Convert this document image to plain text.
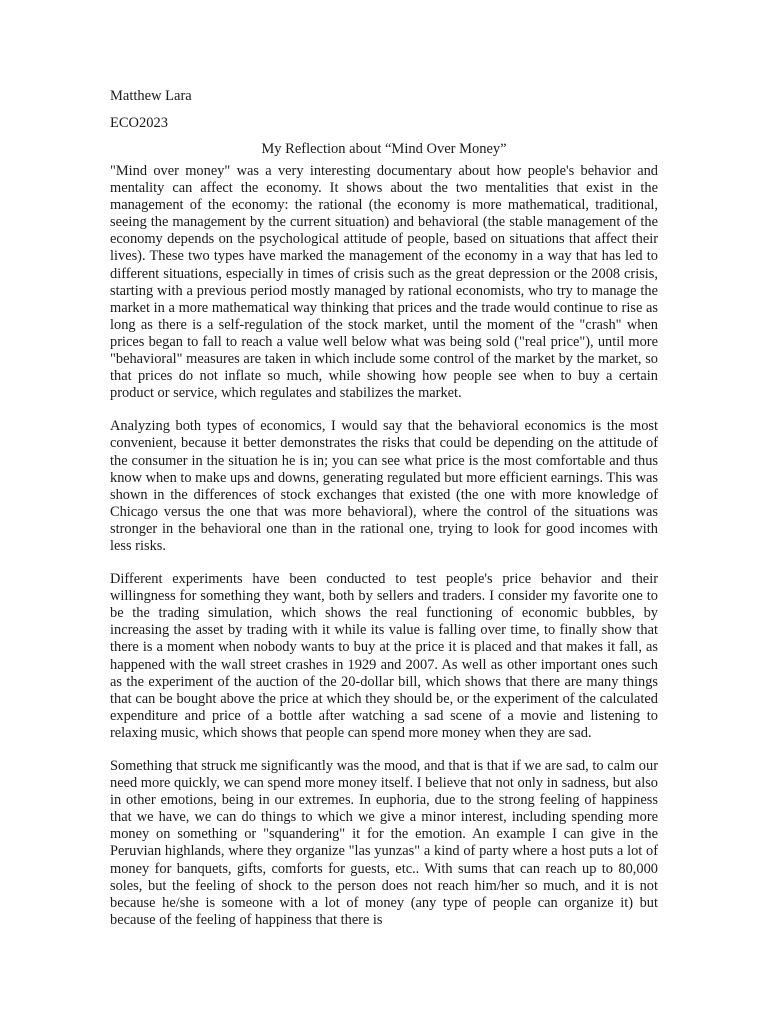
Matthew Lara

ECO2023

My Reflection about “Mind Over Money”

"Mind over money" was a very interesting documentary about how people's behavior and mentality can affect the economy. It shows about the two mentalities that exist in the management of the economy: the rational (the economy is more mathematical, traditional, seeing the management by the current situation) and behavioral (the stable management of the economy depends on the psychological attitude of people, based on situations that affect their lives). These two types have marked the management of the economy in a way that has led to different situations, especially in times of crisis such as the great depression or the 2008 crisis, starting with a previous period mostly managed by rational economists, who try to manage the market in a more mathematical way thinking that prices and the trade would continue to rise as long as there is a self-regulation of the stock market, until the moment of the "crash" when prices began to fall to reach a value well below what was being sold ("real price"), until more "behavioral" measures are taken in which include some control of the market by the market, so that prices do not inflate so much, while showing how people see when to buy a certain product or service, which regulates and stabilizes the market.

Analyzing both types of economics, I would say that the behavioral economics is the most convenient, because it better demonstrates the risks that could be depending on the attitude of the consumer in the situation he is in; you can see what price is the most comfortable and thus know when to make ups and downs, generating regulated but more efficient earnings. This was shown in the differences of stock exchanges that existed (the one with more knowledge of Chicago versus the one that was more behavioral), where the control of the situations was stronger in the behavioral one than in the rational one, trying to look for good incomes with less risks.

Different experiments have been conducted to test people's price behavior and their willingness for something they want, both by sellers and traders. I consider my favorite one to be the trading simulation, which shows the real functioning of economic bubbles, by increasing the asset by trading with it while its value is falling over time, to finally show that there is a moment when nobody wants to buy at the price it is placed and that makes it fall, as happened with the wall street crashes in 1929 and 2007. As well as other important ones such as the experiment of the auction of the 20-dollar bill, which shows that there are many things that can be bought above the price at which they should be, or the experiment of the calculated expenditure and price of a bottle after watching a sad scene of a movie and listening to relaxing music, which shows that people can spend more money when they are sad.

Something that struck me significantly was the mood, and that is that if we are sad, to calm our need more quickly, we can spend more money itself. I believe that not only in sadness, but also in other emotions, being in our extremes. In euphoria, due to the strong feeling of happiness that we have, we can do things to which we give a minor interest, including spending more money on something or "squandering" it for the emotion. An example I can give in the Peruvian highlands, where they organize "las yunzas" a kind of party where a host puts a lot of money for banquets, gifts, comforts for guests, etc.. With sums that can reach up to 80,000 soles, but the feeling of shock to the person does not reach him/her so much, and it is not because he/she is someone with a lot of money (any type of people can organize it) but because of the feeling of happiness that there is
